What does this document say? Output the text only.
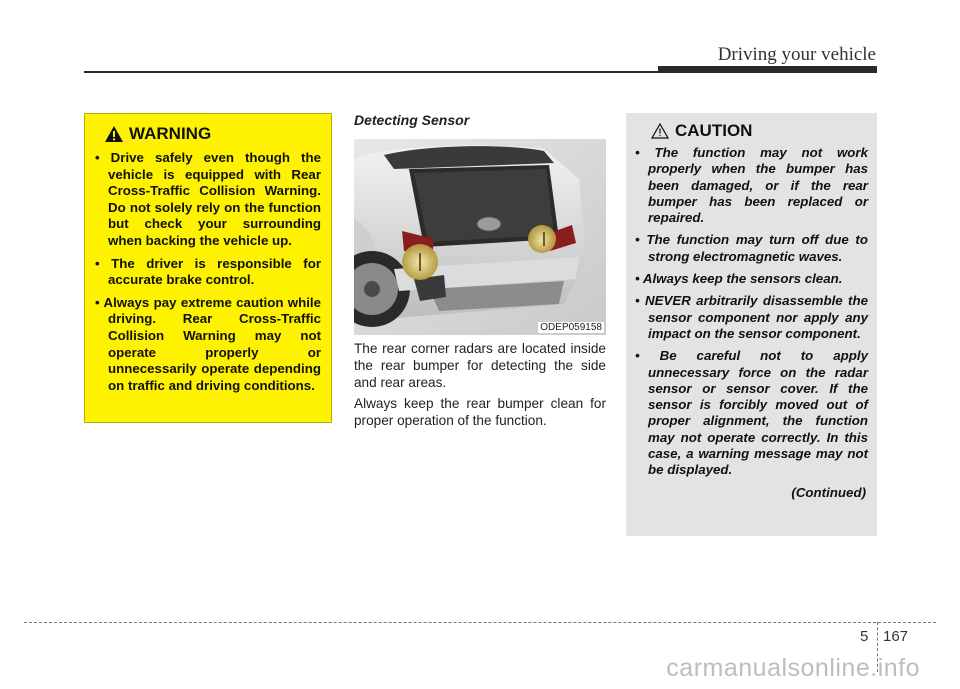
Driving your vehicle
WARNING
• Drive safely even though the vehicle is equipped with Rear Cross-Traffic Collision Warning. Do not solely rely on the function but check your surrounding when backing the vehicle up.
• The driver is responsible for accurate brake control.
• Always pay extreme caution while driving. Rear Cross-Traffic Collision Warning may not operate properly or unnecessarily operate depending on traffic and driving conditions.
Detecting Sensor
ODEP059158

The rear corner radars are located inside the rear bumper for detecting the side and rear areas.

Always keep the rear bumper clean for proper operation of the function.

CAUTION
• The function may not work properly when the bumper has been damaged, or if the rear bumper has been replaced or repaired.
• The function may turn off due to strong electromagnetic waves.
• Always keep the sensors clean.
• NEVER arbitrarily disassemble the sensor component nor apply any impact on the sensor component.
• Be careful not to apply unnecessary force on the radar sensor or sensor cover. If the sensor is forcibly moved out of proper alignment, the function may not operate correctly. In this case, a warning message may not be displayed.
(Continued)
5 167
carmanualsonline.info
